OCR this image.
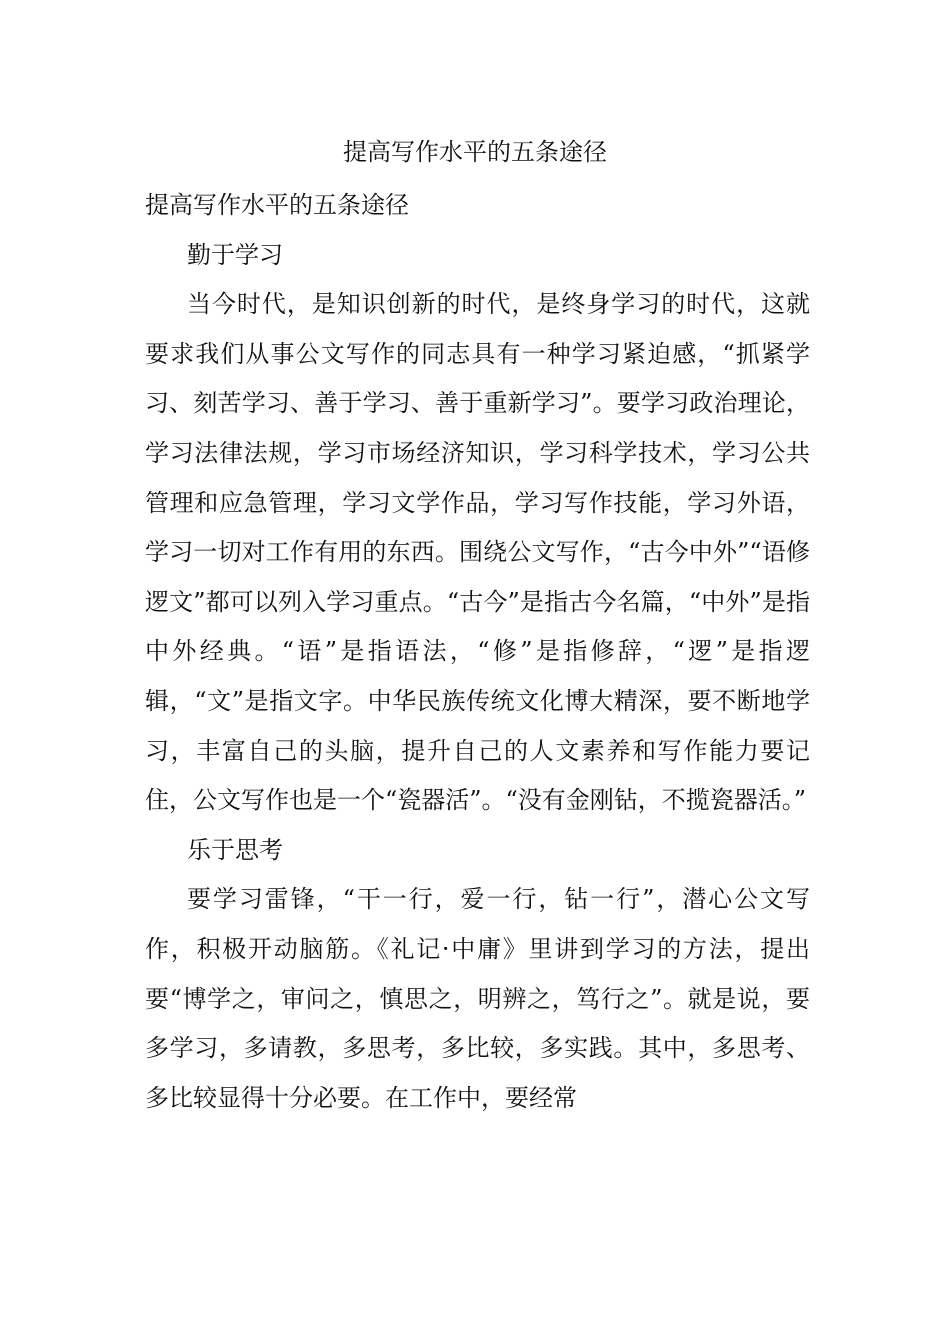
提高写作水平的五条途径

提高写作水平的五条途径

勤于学习

当今时代，是知识创新的时代，是终身学习的时代，这就要求我们从事公文写作的同志具有一种学习紧迫感，“抓紧学习、刻苦学习、善于学习、善于重新学习”。要学习政治理论，学习法律法规，学习市场经济知识，学习科学技术，学习公共管理和应急管理，学习文学作品，学习写作技能，学习外语，学习一切对工作有用的东西。围绕公文写作，“古今中外”“语修逻文”都可以列入学习重点。“古今”是指古今名篇，“中外”是指中外经典。“语”是指语法，“修”是指修辞，“逻”是指逻辑，“文”是指文字。中华民族传统文化博大精深，要不断地学习，丰富自己的头脑，提升自己的人文素养和写作能力要记住，公文写作也是一个“瓷器活”。“没有金刚钻，不揽瓷器活。”

乐于思考

要学习雷锋，“干一行，爱一行，钻一行”，潜心公文写作，积极开动脑筋。《礼记·中庸》里讲到学习的方法，提出要“博学之，审问之，慎思之，明辨之，笃行之”。就是说，要多学习，多请教，多思考，多比较，多实践。其中，多思考、多比较显得十分必要。在工作中，要经常
